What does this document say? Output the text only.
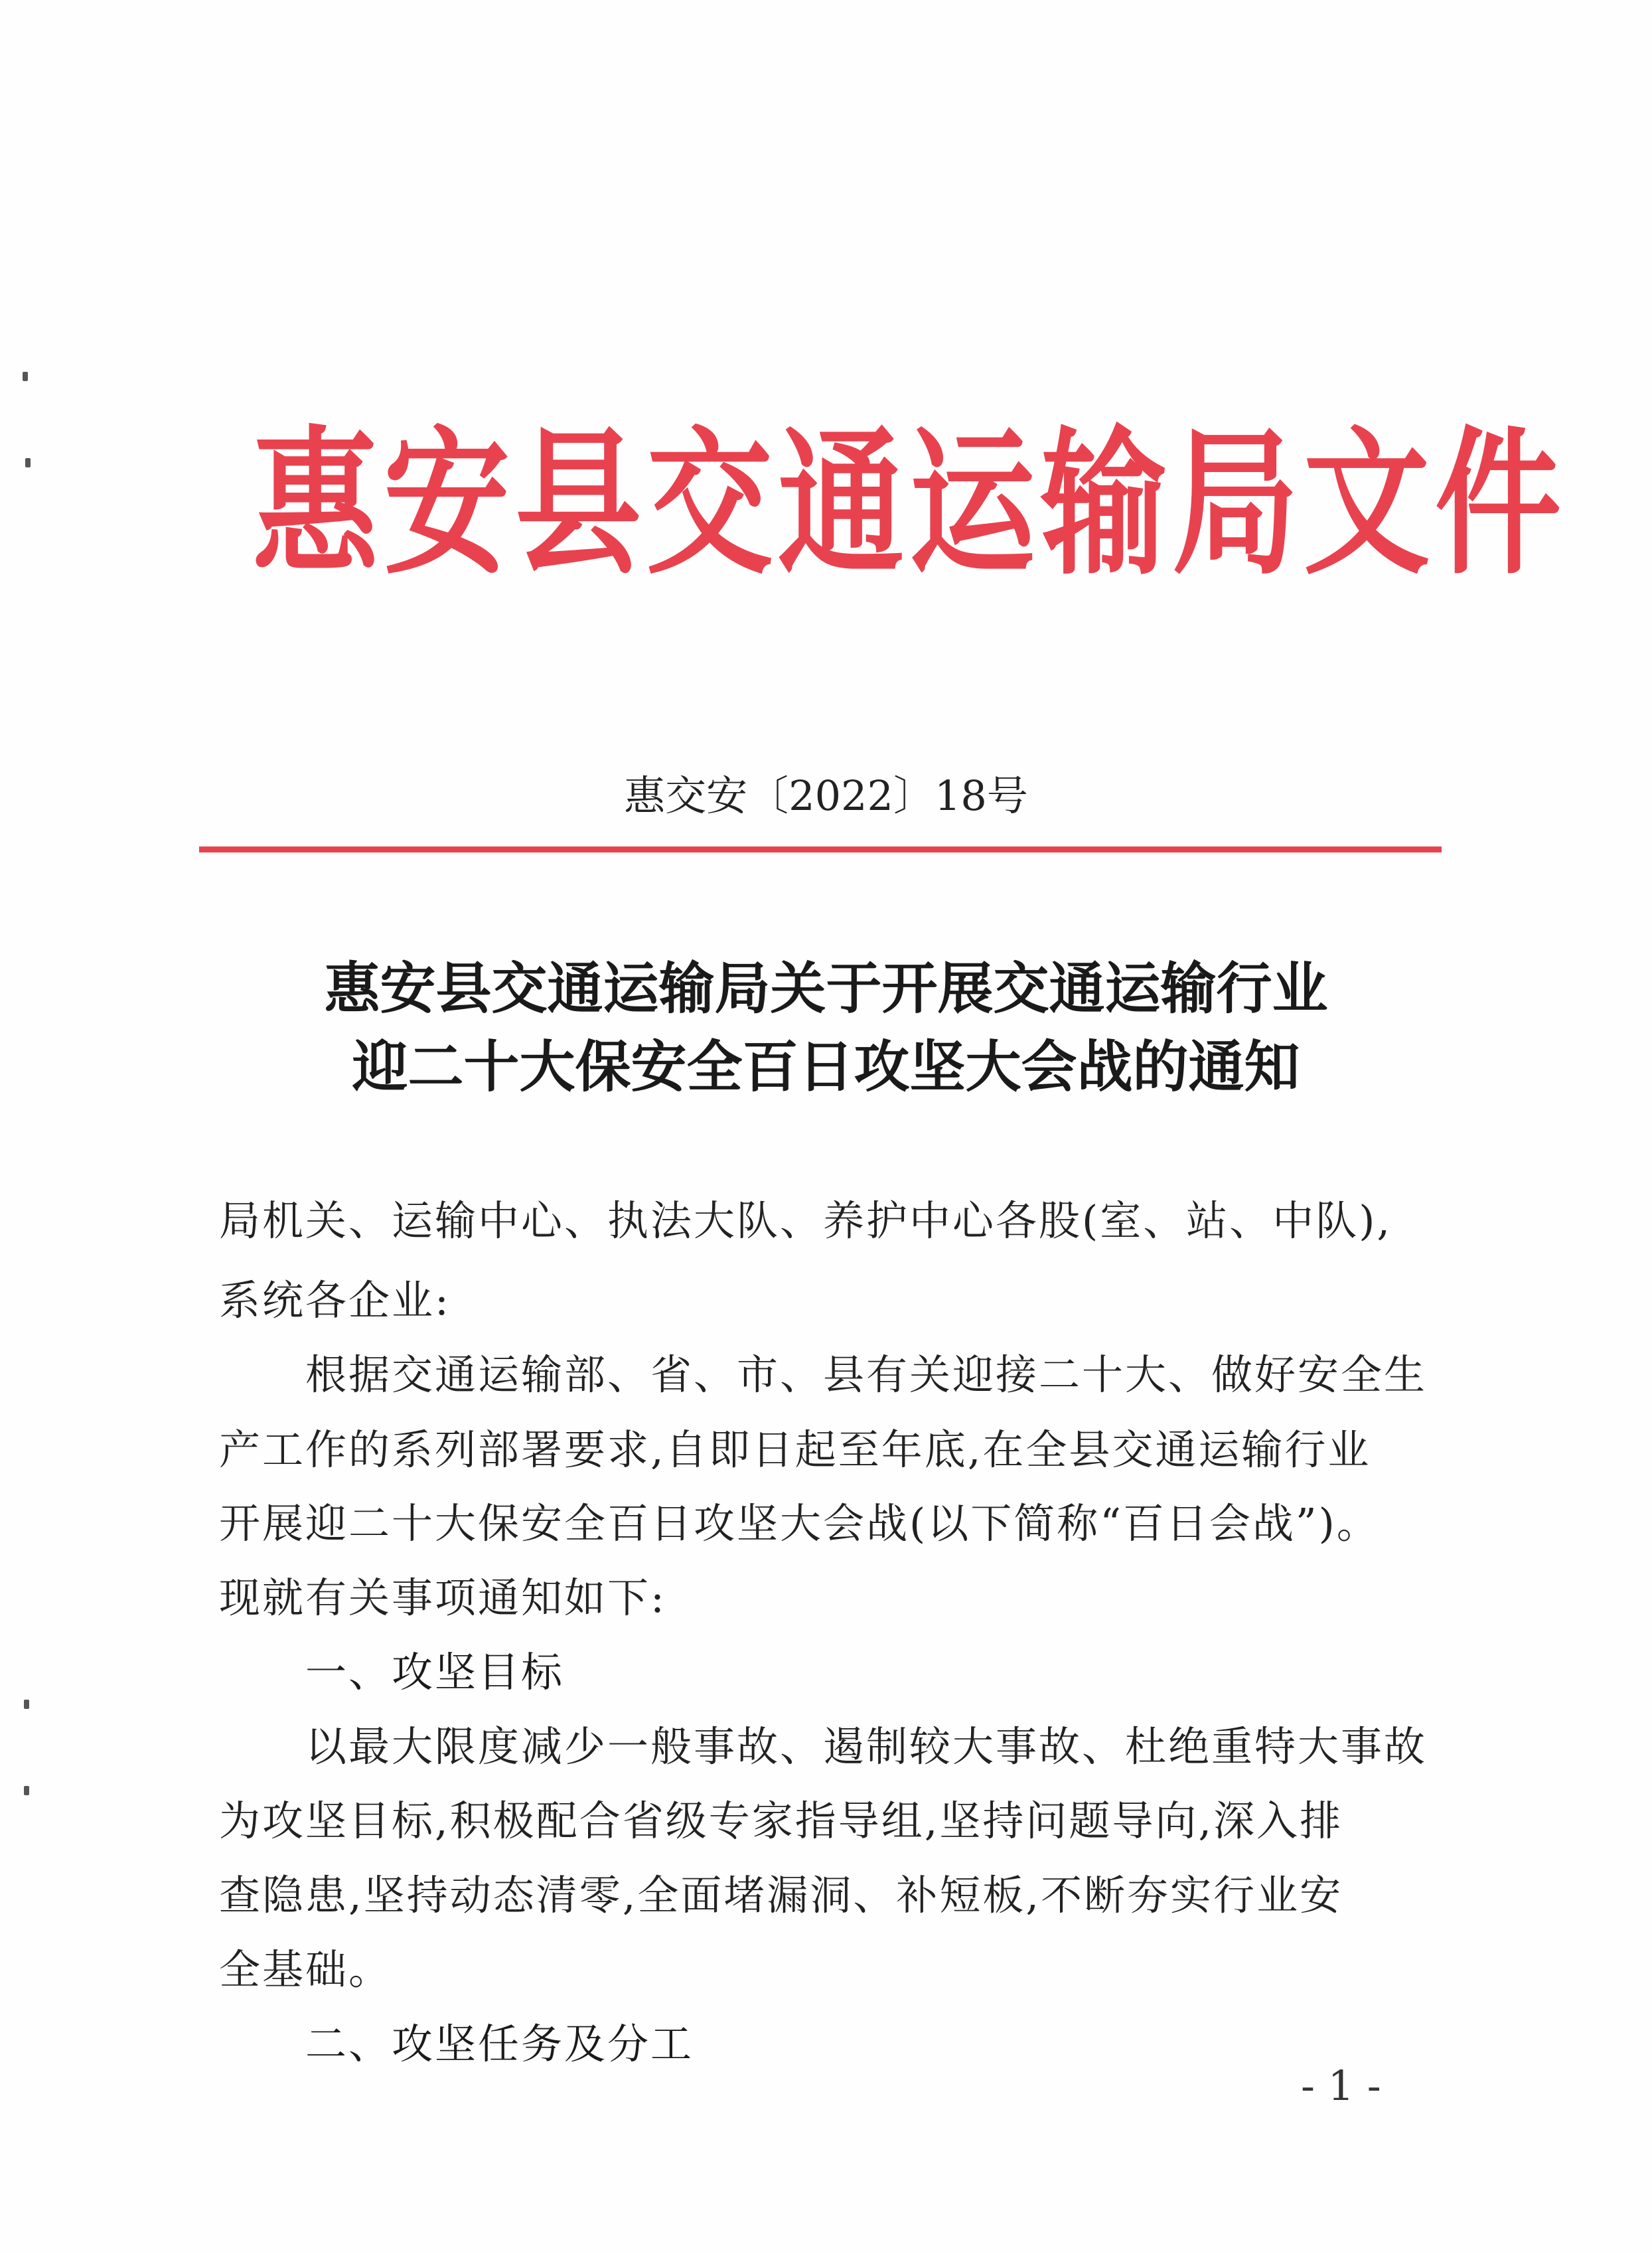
惠安县交通运输局文件
惠交安〔2022〕18号
惠安县交通运输局关于开展交通运输行业
迎二十大保安全百日攻坚大会战的通知
局机关、运输中心、执法大队、养护中心各股(室、站、中队),
系统各企业:
根据交通运输部、省、市、县有关迎接二十大、做好安全生
产工作的系列部署要求,自即日起至年底,在全县交通运输行业
开展迎二十大保安全百日攻坚大会战(以下简称“百日会战”)。
现就有关事项通知如下:
一、攻坚目标
以最大限度减少一般事故、遏制较大事故、杜绝重特大事故
为攻坚目标,积极配合省级专家指导组,坚持问题导向,深入排
查隐患,坚持动态清零,全面堵漏洞、补短板,不断夯实行业安
全基础。
二、攻坚任务及分工
- 1 -
